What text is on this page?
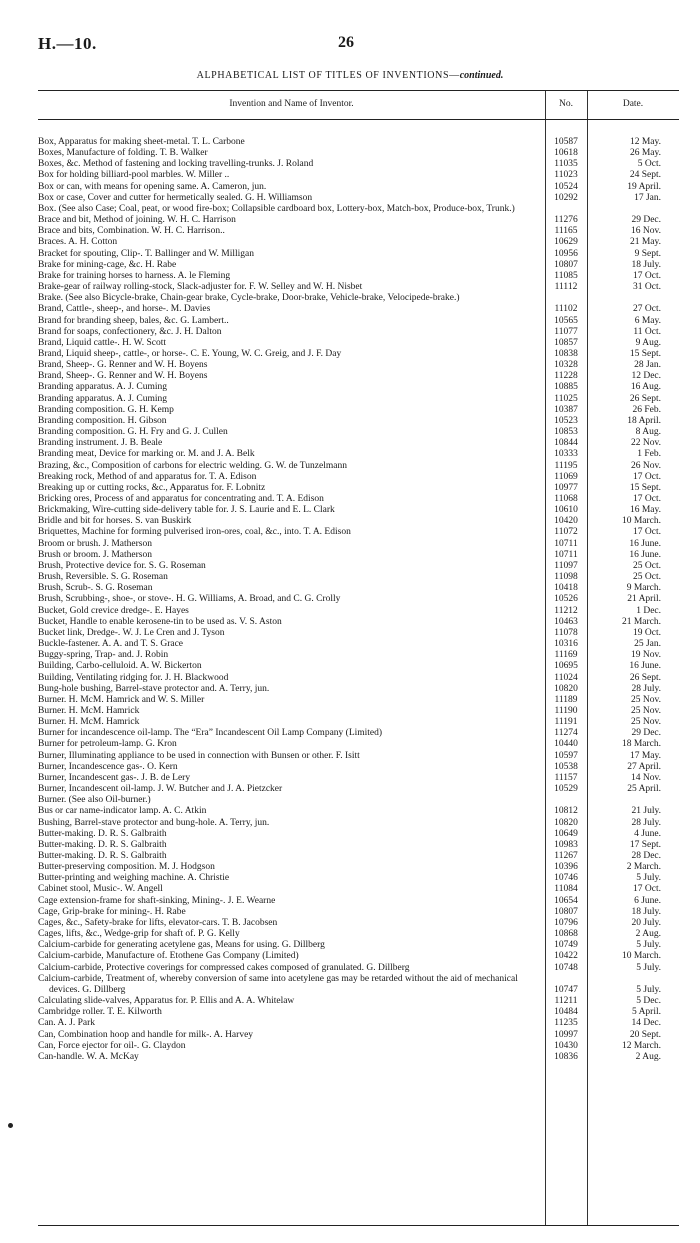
H.—10.	26
ALPHABETICAL LIST OF TITLES OF INVENTIONS—continued.
Invention and Name of Inventor.	No.	Date.
Box, Apparatus for making sheet-metal. T. L. Carbone	10587	12 May.
Boxes, Manufacture of folding. T. B. Walker	10618	26 May.
Boxes, &c. Method of fastening and locking travelling-trunks. J. Roland	11035	5 Oct.
Box for holding billiard-pool marbles. W. Miller ..	11023	24 Sept.
Box or can, with means for opening same. A. Cameron, jun.	10524	19 April.
Box or case, Cover and cutter for hermetically sealed. G. H. Williamson	10292	17 Jan.
Box. (See also Case; Coal, peat, or wood fire-box; Collapsible cardboard box, Lottery-box, Match-box, Produce-box, Trunk.)
Brace and bit, Method of joining. W. H. C. Harrison	11276	29 Dec.
Brace and bits, Combination. W. H. C. Harrison..	11165	16 Nov.
Braces. A. H. Cotton	10629	21 May.
Bracket for spouting, Clip-. T. Ballinger and W. Milligan	10956	9 Sept.
Brake for mining-cage, &c. H. Rabe	10807	18 July.
Brake for training horses to harness. A. le Fleming	11085	17 Oct.
Brake-gear of railway rolling-stock, Slack-adjuster for. F. W. Selley and W. H. Nisbet	11112	31 Oct.
Brake. (See also Bicycle-brake, Chain-gear brake, Cycle-brake, Door-brake, Vehicle-brake, Velocipede-brake.)
Brand, Cattle-, sheep-, and horse-. M. Davies	11102	27 Oct.
Brand for branding sheep, bales, &c. G. Lambert..	10565	6 May.
Brand for soaps, confectionery, &c. J. H. Dalton	11077	11 Oct.
Brand, Liquid cattle-. H. W. Scott	10857	9 Aug.
Brand, Liquid sheep-, cattle-, or horse-. C. E. Young, W. C. Greig, and J. F. Day	10838	15 Sept.
Brand, Sheep-. G. Renner and W. H. Boyens	10328	28 Jan.
Brand, Sheep-. G. Renner and W. H. Boyens	11228	12 Dec.
Branding apparatus. A. J. Cuming	10885	16 Aug.
Branding apparatus. A. J. Cuming	11025	26 Sept.
Branding composition. G. H. Kemp	10387	26 Feb.
Branding composition. H. Gibson	10523	18 April.
Branding composition. G. H. Fry and G. J. Cullen	10853	8 Aug.
Branding instrument. J. B. Beale	10844	22 Nov.
Branding meat, Device for marking or. M. and J. A. Belk	10333	1 Feb.
Brazing, &c., Composition of carbons for electric welding. G. W. de Tunzelmann	11195	26 Nov.
Breaking rock, Method of and apparatus for. T. A. Edison	11069	17 Oct.
Breaking up or cutting rocks, &c., Apparatus for. F. Lobnitz	10977	15 Sept.
Bricking ores, Process of and apparatus for concentrating and. T. A. Edison	11068	17 Oct.
Brickmaking, Wire-cutting side-delivery table for. J. S. Laurie and E. L. Clark	10610	16 May.
Bridle and bit for horses. S. van Buskirk	10420	10 March.
Briquettes, Machine for forming pulverised iron-ores, coal, &c., into. T. A. Edison	11072	17 Oct.
Broom or brush. J. Matherson	10711	16 June.
Brush or broom. J. Matherson	10711	16 June.
Brush, Protective device for. S. G. Roseman	11097	25 Oct.
Brush, Reversible. S. G. Roseman	11098	25 Oct.
Brush, Scrub-. S. G. Roseman	10418	9 March.
Brush, Scrubbing-, shoe-, or stove-. H. G. Williams, A. Broad, and C. G. Crolly	10526	21 April.
Bucket, Gold crevice dredge-. E. Hayes	11212	1 Dec.
Bucket, Handle to enable kerosene-tin to be used as. V. S. Aston	10463	21 March.
Bucket link, Dredge-. W. J. Le Cren and J. Tyson	11078	19 Oct.
Buckle-fastener. A. A. and T. S. Grace	10316	25 Jan.
Buggy-spring, Trap- and. J. Robin	11169	19 Nov.
Building, Carbo-celluloid. A. W. Bickerton	10695	16 June.
Building, Ventilating ridging for. J. H. Blackwood	11024	26 Sept.
Bung-hole bushing, Barrel-stave protector and. A. Terry, jun.	10820	28 July.
Burner. H. McM. Hamrick and W. S. Miller	11189	25 Nov.
Burner. H. McM. Hamrick	11190	25 Nov.
Burner. H. McM. Hamrick	11191	25 Nov.
Burner for incandescence oil-lamp. The “Era” Incandescent Oil Lamp Company (Limited)	11274	29 Dec.
Burner for petroleum-lamp. G. Kron	10440	18 March.
Burner, Illuminating appliance to be used in connection with Bunsen or other. F. Isitt	10597	17 May.
Burner, Incandescence gas-. O. Kern	10538	27 April.
Burner, Incandescent gas-. J. B. de Lery	11157	14 Nov.
Burner, Incandescent oil-lamp. J. W. Butcher and J. A. Pietzcker	10529	25 April.
Burner. (See also Oil-burner.)
Bus or car name-indicator lamp. A. C. Atkin	10812	21 July.
Bushing, Barrel-stave protector and bung-hole. A. Terry, jun.	10820	28 July.
Butter-making. D. R. S. Galbraith	10649	4 June.
Butter-making. D. R. S. Galbraith	10983	17 Sept.
Butter-making. D. R. S. Galbraith	11267	28 Dec.
Butter-preserving composition. M. J. Hodgson	10396	2 March.
Butter-printing and weighing machine. A. Christie	10746	5 July.
Cabinet stool, Music-. W. Angell	11084	17 Oct.
Cage extension-frame for shaft-sinking, Mining-. J. E. Wearne	10654	6 June.
Cage, Grip-brake for mining-. H. Rabe	10807	18 July.
Cages, &c., Safety-brake for lifts, elevator-cars. T. B. Jacobsen	10796	20 July.
Cages, lifts, &c., Wedge-grip for shaft of. P. G. Kelly	10868	2 Aug.
Calcium-carbide for generating acetylene gas, Means for using. G. Dillberg	10749	5 July.
Calcium-carbide, Manufacture of. Etothene Gas Company (Limited)	10422	10 March.
Calcium-carbide, Protective coverings for compressed cakes composed of granulated. G. Dillberg	10748	5 July.
Calcium-carbide, Treatment of, whereby conversion of same into acetylene gas may be retarded without the aid of mechanical devices. G. Dillberg	10747	5 July.
Calculating slide-valves, Apparatus for. P. Ellis and A. A. Whitelaw	11211	5 Dec.
Cambridge roller. T. E. Kilworth	10484	5 April.
Can. A. J. Park	11235	14 Dec.
Can, Combination hoop and handle for milk-. A. Harvey	10997	20 Sept.
Can, Force ejector for oil-. G. Claydon	10430	12 March.
Can-handle. W. A. McKay	10836	2 Aug.
